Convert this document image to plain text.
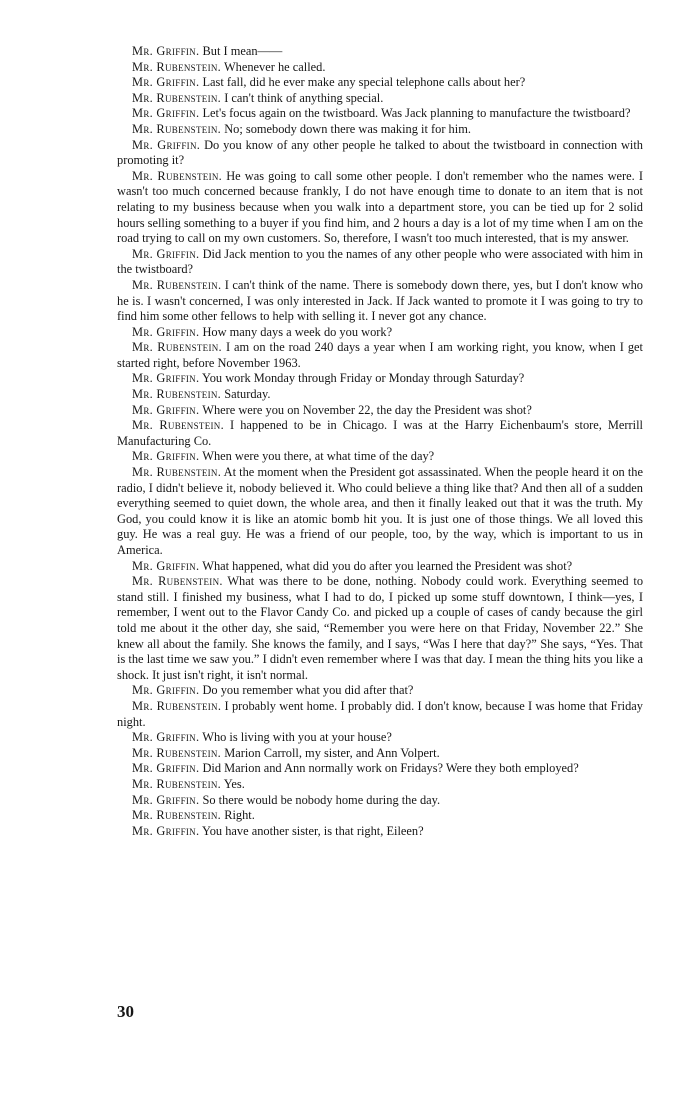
Mr. Griffin. But I mean——

Mr. Rubenstein. Whenever he called.

Mr. Griffin. Last fall, did he ever make any special telephone calls about her?

Mr. Rubenstein. I can't think of anything special.

Mr. Griffin. Let's focus again on the twistboard. Was Jack planning to manufacture the twistboard?

Mr. Rubenstein. No; somebody down there was making it for him.

Mr. Griffin. Do you know of any other people he talked to about the twistboard in connection with promoting it?

Mr. Rubenstein. He was going to call some other people. I don't remember who the names were. I wasn't too much concerned because frankly, I do not have enough time to donate to an item that is not relating to my business because when you walk into a department store, you can be tied up for 2 solid hours selling something to a buyer if you find him, and 2 hours a day is a lot of my time when I am on the road trying to call on my own customers. So, therefore, I wasn't too much interested, that is my answer.

Mr. Griffin. Did Jack mention to you the names of any other people who were associated with him in the twistboard?

Mr. Rubenstein. I can't think of the name. There is somebody down there, yes, but I don't know who he is. I wasn't concerned, I was only interested in Jack. If Jack wanted to promote it I was going to try to find him some other fellows to help with selling it. I never got any chance.

Mr. Griffin. How many days a week do you work?

Mr. Rubenstein. I am on the road 240 days a year when I am working right, you know, when I get started right, before November 1963.

Mr. Griffin. You work Monday through Friday or Monday through Saturday?

Mr. Rubenstein. Saturday.

Mr. Griffin. Where were you on November 22, the day the President was shot?

Mr. Rubenstein. I happened to be in Chicago. I was at the Harry Eichenbaum's store, Merrill Manufacturing Co.

Mr. Griffin. When were you there, at what time of the day?

Mr. Rubenstein. At the moment when the President got assassinated. When the people heard it on the radio, I didn't believe it, nobody believed it. Who could believe a thing like that? And then all of a sudden everything seemed to quiet down, the whole area, and then it finally leaked out that it was the truth. My God, you could know it is like an atomic bomb hit you. It is just one of those things. We all loved this guy. He was a real guy. He was a friend of our people, too, by the way, which is important to us in America.

Mr. Griffin. What happened, what did you do after you learned the President was shot?

Mr. Rubenstein. What was there to be done, nothing. Nobody could work. Everything seemed to stand still. I finished my business, what I had to do, I picked up some stuff downtown, I think—yes, I remember, I went out to the Flavor Candy Co. and picked up a couple of cases of candy because the girl told me about it the other day, she said, “Remember you were here on that Friday, November 22.” She knew all about the family. She knows the family, and I says, “Was I here that day?” She says, “Yes. That is the last time we saw you.” I didn't even remember where I was that day. I mean the thing hits you like a shock. It just isn't right, it isn't normal.

Mr. Griffin. Do you remember what you did after that?

Mr. Rubenstein. I probably went home. I probably did. I don't know, because I was home that Friday night.

Mr. Griffin. Who is living with you at your house?

Mr. Rubenstein. Marion Carroll, my sister, and Ann Volpert.

Mr. Griffin. Did Marion and Ann normally work on Fridays? Were they both employed?

Mr. Rubenstein. Yes.

Mr. Griffin. So there would be nobody home during the day.

Mr. Rubenstein. Right.

Mr. Griffin. You have another sister, is that right, Eileen?

30
